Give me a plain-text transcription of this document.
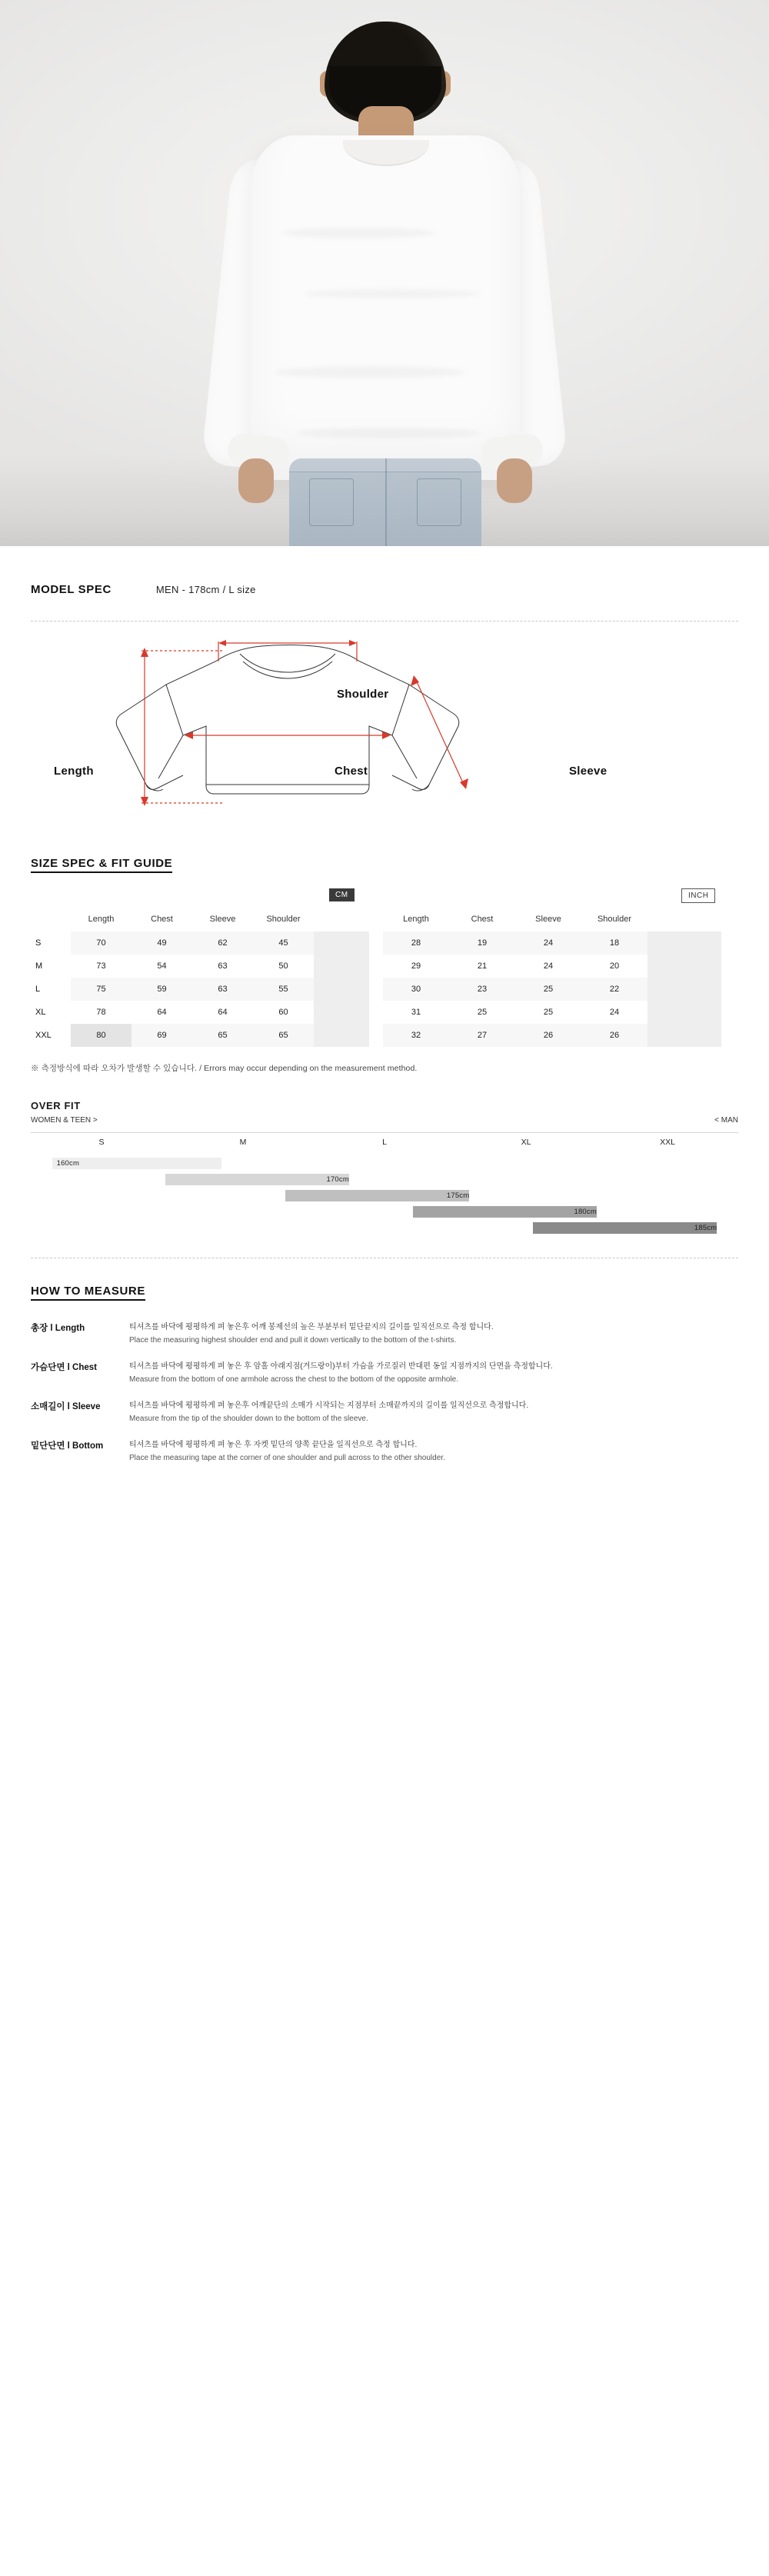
MODEL SPEC	MEN - 178cm / L size
Shoulder
Chest
Length	Sleeve
SIZE SPEC & FIT GUIDE
CM	INCH
	Length	Chest	Sleeve	Shoulder	
S	70	49	62	45	
M	73	54	63	50	
L	75	59	63	55	
XL	78	64	64	60	
XXL	80	69	65	65	
Length	Chest	Sleeve	Shoulder	
28	19	24	18	
29	21	24	20	
30	23	25	22	
31	25	25	24	
32	27	26	26	
※ 측정방식에 따라 오차가 발생할 수 있습니다. / Errors may occur depending on the measurement method.
OVER FIT
WOMEN & TEEN >	< MAN
S	M	L	XL	XXL
160cm
170cm
175cm
180cm
185cm
HOW TO MEASURE
총장 l Length	티셔츠를 바닥에 평평하게 펴 놓은후 어깨 봉제선의 높은 부분부터 밑단끝지의 길이를 일직선으로 측정 합니다.
Place the measuring highest shoulder end and pull it down vertically to the bottom of the t-shirts.
가슴단면 l Chest	티셔츠를 바닥에 평평하게 펴 놓은 후 암홀 아래지점(겨드랑이)부터 가슴을 가로질러 반대편 동일 지점까지의 단면을 측정합니다.
Measure from the bottom of one armhole across the chest to the bottom of the opposite armhole.
소매길이 l Sleeve	티셔츠를 바닥에 평평하게 펴 놓은후 어깨끝단의 소매가 시작되는 지점부터 소매끝까지의 길이를 일직선으로 측정합니다.
Measure from the tip of the shoulder down to the bottom of the sleeve.
밑단단면 l Bottom	티셔츠를 바닥에 평평하게 펴 놓은 후 자켓 밑단의 양쪽 끝단을 일직선으로 측정 합니다.
Place the measuring tape at the corner of one shoulder and pull across to the other shoulder.
